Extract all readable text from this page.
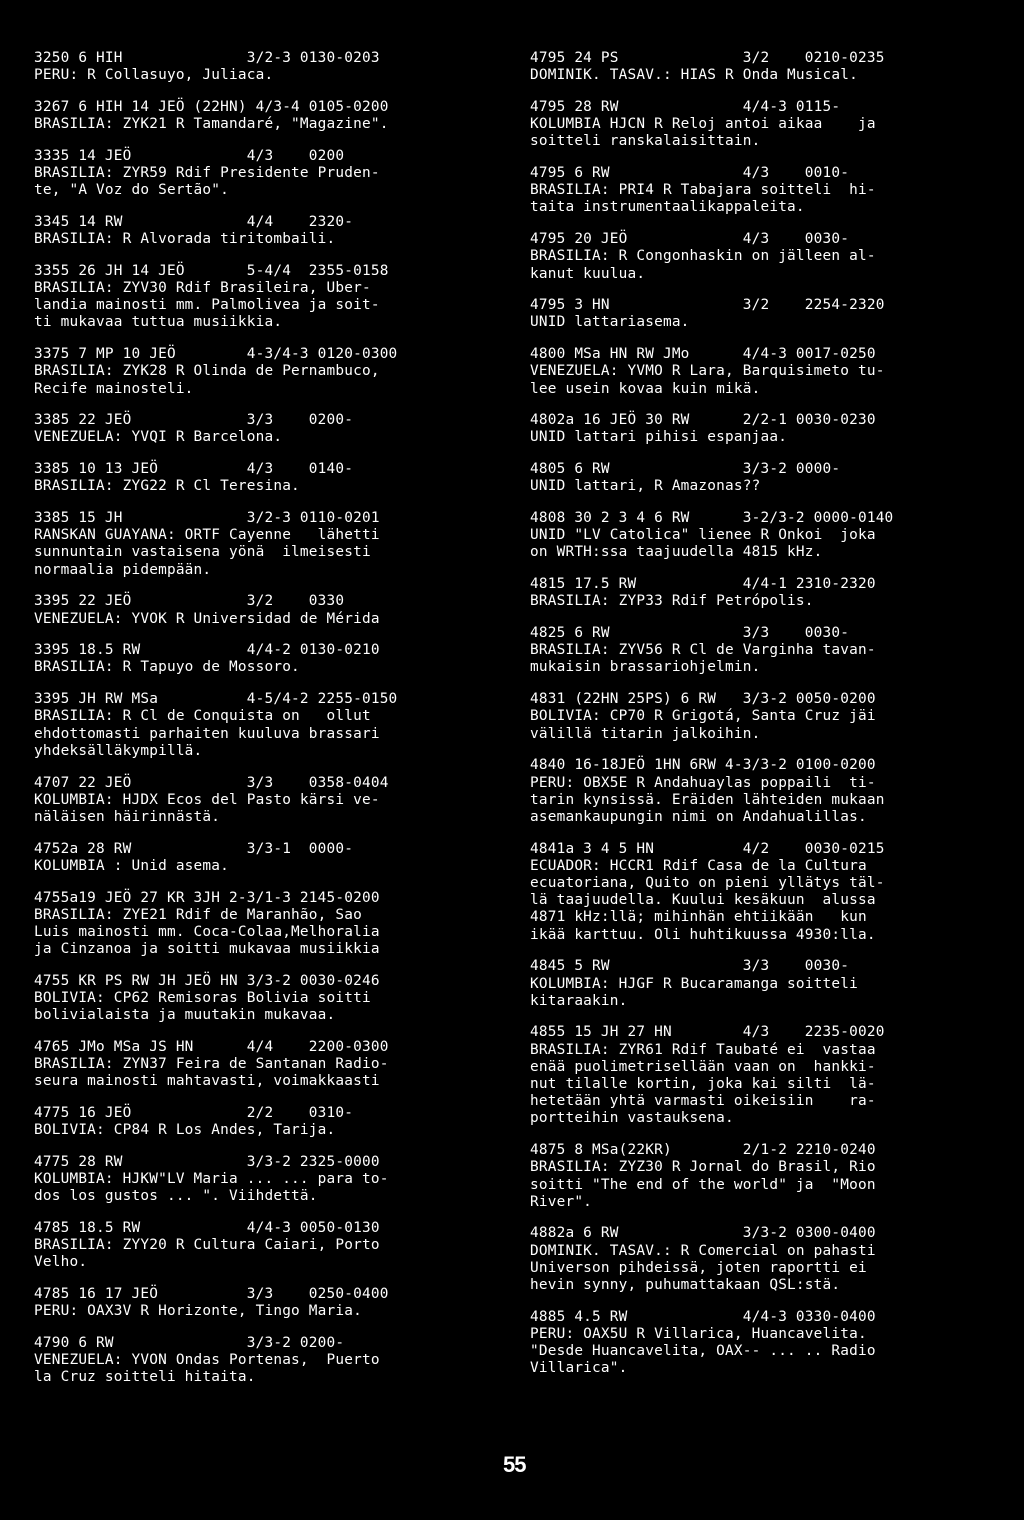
3250 6 HIH              3/2-3 0130-0203
PERU: R Collasuyo, Juliaca.
3267 6 HIH 14 JEÖ (22HN) 4/3-4 0105-0200
BRASILIA: ZYK21 R Tamandaré, "Magazine".
3335 14 JEÖ             4/3    0200
BRASILIA: ZYR59 Rdif Presidente Pruden-
te, "A Voz do Sertão".
3345 14 RW              4/4    2320-
BRASILIA: R Alvorada tiritombaili.
3355 26 JH 14 JEÖ       5-4/4  2355-0158
BRASILIA: ZYV30 Rdif Brasileira, Uber-
landia mainosti mm. Palmolivea ja soit-
ti mukavaa tuttua musiikkia.
3375 7 MP 10 JEÖ        4-3/4-3 0120-0300
BRASILIA: ZYK28 R Olinda de Pernambuco,
Recife mainosteli.
3385 22 JEÖ             3/3    0200-
VENEZUELA: YVQI R Barcelona.
3385 10 13 JEÖ          4/3    0140-
BRASILIA: ZYG22 R Cl Teresina.
3385 15 JH              3/2-3 0110-0201
RANSKAN GUAYANA: ORTF Cayenne   lähetti
sunnuntain vastaisena yönä  ilmeisesti
normaalia pidempään.
3395 22 JEÖ             3/2    0330
VENEZUELA: YVOK R Universidad de Mérida
3395 18.5 RW            4/4-2 0130-0210
BRASILIA: R Tapuyo de Mossoro.
3395 JH RW MSa          4-5/4-2 2255-0150
BRASILIA: R Cl de Conquista on   ollut
ehdottomasti parhaiten kuuluva brassari
yhdeksälläkympillä.
4707 22 JEÖ             3/3    0358-0404
KOLUMBIA: HJDX Ecos del Pasto kärsi ve-
näläisen häirinnästä.
4752a 28 RW             3/3-1  0000-
KOLUMBIA : Unid asema.
4755a19 JEÖ 27 KR 3JH 2-3/1-3 2145-0200
BRASILIA: ZYE21 Rdif de Maranhão, Sao
Luis mainosti mm. Coca-Colaa,Melhoralia
ja Cinzanoa ja soitti mukavaa musiikkia
4755 KR PS RW JH JEÖ HN 3/3-2 0030-0246
BOLIVIA: CP62 Remisoras Bolivia soitti
bolivialaista ja muutakin mukavaa.
4765 JMo MSa JS HN      4/4    2200-0300
BRASILIA: ZYN37 Feira de Santanan Radio-
seura mainosti mahtavasti, voimakkaasti
4775 16 JEÖ             2/2    0310-
BOLIVIA: CP84 R Los Andes, Tarija.
4775 28 RW              3/3-2 2325-0000
KOLUMBIA: HJKW"LV Maria ... ... para to-
dos los gustos ... ". Viihdettä.
4785 18.5 RW            4/4-3 0050-0130
BRASILIA: ZYY20 R Cultura Caiari, Porto
Velho.
4785 16 17 JEÖ          3/3    0250-0400
PERU: OAX3V R Horizonte, Tingo Maria.
4790 6 RW               3/3-2 0200-
VENEZUELA: YVON Ondas Portenas,  Puerto
la Cruz soitteli hitaita.
4795 24 PS              3/2    0210-0235
DOMINIK. TASAV.: HIAS R Onda Musical.
4795 28 RW              4/4-3 0115-
KOLUMBIA HJCN R Reloj antoi aikaa    ja
soitteli ranskalaisittain.
4795 6 RW               4/3    0010-
BRASILIA: PRI4 R Tabajara soitteli  hi-
taita instrumentaalikappaleita.
4795 20 JEÖ             4/3    0030-
BRASILIA: R Congonhaskin on jälleen al-
kanut kuulua.
4795 3 HN               3/2    2254-2320
UNID lattariasema.
4800 MSa HN RW JMo      4/4-3 0017-0250
VENEZUELA: YVMO R Lara, Barquisimeto tu-
lee usein kovaa kuin mikä.
4802a 16 JEÖ 30 RW      2/2-1 0030-0230
UNID lattari pihisi espanjaa.
4805 6 RW               3/3-2 0000-
UNID lattari, R Amazonas??
4808 30 2 3 4 6 RW      3-2/3-2 0000-0140
UNID "LV Catolica" lienee R Onkoi  joka
on WRTH:ssa taajuudella 4815 kHz.
4815 17.5 RW            4/4-1 2310-2320
BRASILIA: ZYP33 Rdif Petrópolis.
4825 6 RW               3/3    0030-
BRASILIA: ZYV56 R Cl de Varginha tavan-
mukaisin brassariohjelmin.
4831 (22HN 25PS) 6 RW   3/3-2 0050-0200
BOLIVIA: CP70 R Grigotá, Santa Cruz jäi
välillä titarin jalkoihin.
4840 16-18JEÖ 1HN 6RW 4-3/3-2 0100-0200
PERU: OBX5E R Andahuaylas poppaili  ti-
tarin kynsissä. Eräiden lähteiden mukaan
asemankaupungin nimi on Andahualillas.
4841a 3 4 5 HN          4/2    0030-0215
ECUADOR: HCCR1 Rdif Casa de la Cultura
ecuatoriana, Quito on pieni yllätys täl-
lä taajuudella. Kuului kesäkuun  alussa
4871 kHz:llä; mihinhän ehtiikään   kun
ikää karttuu. Oli huhtikuussa 4930:lla.
4845 5 RW               3/3    0030-
KOLUMBIA: HJGF R Bucaramanga soitteli
kitaraakin.
4855 15 JH 27 HN        4/3    2235-0020
BRASILIA: ZYR61 Rdif Taubaté ei  vastaa
enää puolimetrisellään vaan on  hankki-
nut tilalle kortin, joka kai silti  lä-
hetetään yhtä varmasti oikeisiin    ra-
portteihin vastauksena.
4875 8 MSa(22KR)        2/1-2 2210-0240
BRASILIA: ZYZ30 R Jornal do Brasil, Rio
soitti "The end of the world" ja  "Moon
River".
4882a 6 RW              3/3-2 0300-0400
DOMINIK. TASAV.: R Comercial on pahasti
Universon pihdeissä, joten raportti ei
hevin synny, puhumattakaan QSL:stä.
4885 4.5 RW             4/4-3 0330-0400
PERU: OAX5U R Villarica, Huancavelita.
"Desde Huancavelita, OAX-- ... .. Radio
Villarica".
55
